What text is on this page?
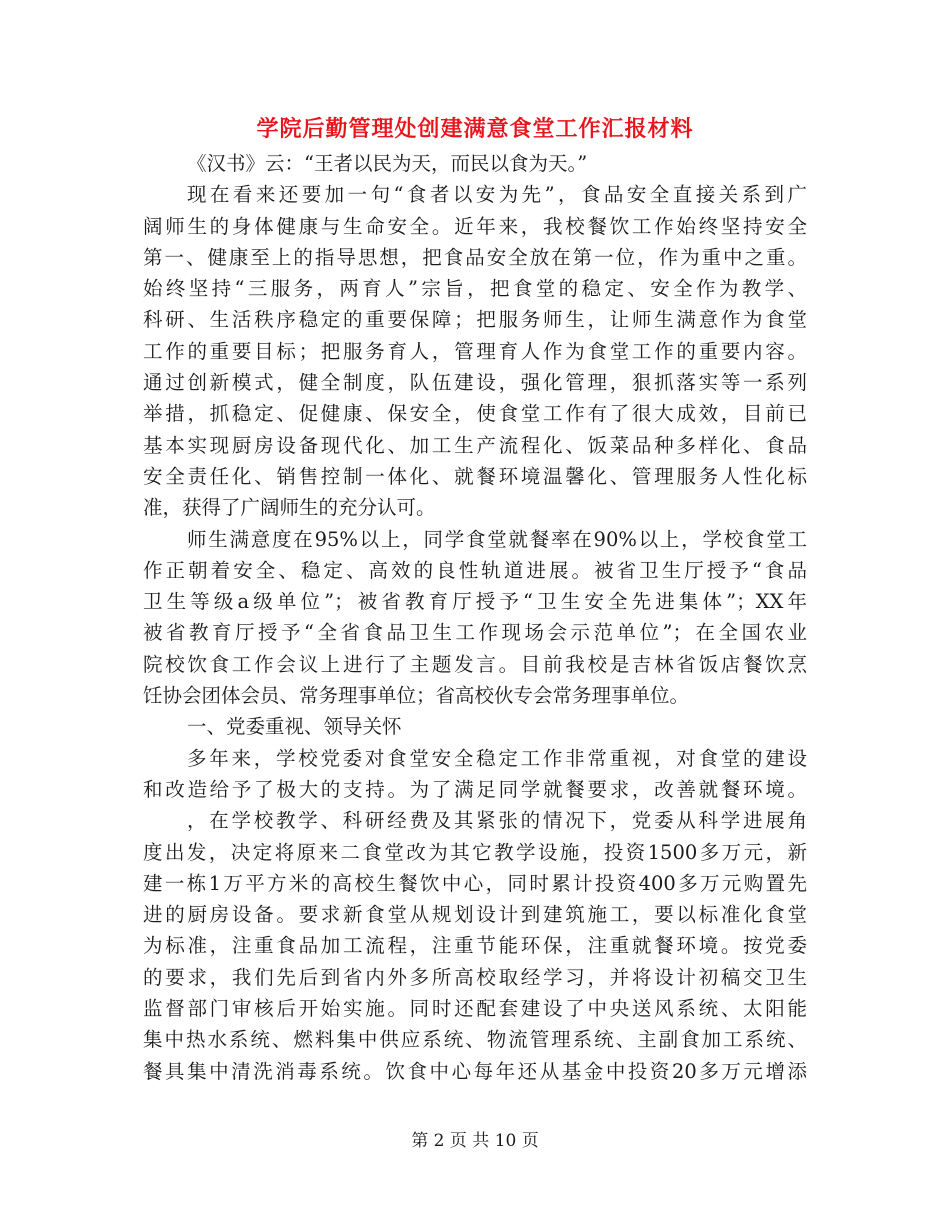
学院后勤管理处创建满意食堂工作汇报材料
《汉书》云：“王者以民为天，而民以食为天。”
现在看来还要加一句“食者以安为先”，食品安全直接关系到广
阔师生的身体健康与生命安全。近年来，我校餐饮工作始终坚持安全
第一、健康至上的指导思想，把食品安全放在第一位，作为重中之重。
始终坚持“三服务，两育人”宗旨，把食堂的稳定、安全作为教学、
科研、生活秩序稳定的重要保障；把服务师生，让师生满意作为食堂
工作的重要目标；把服务育人，管理育人作为食堂工作的重要内容。
通过创新模式，健全制度，队伍建设，强化管理，狠抓落实等一系列
举措，抓稳定、促健康、保安全，使食堂工作有了很大成效，目前已
基本实现厨房设备现代化、加工生产流程化、饭菜品种多样化、食品
安全责任化、销售控制一体化、就餐环境温馨化、管理服务人性化标
准，获得了广阔师生的充分认可。
师生满意度在95%以上，同学食堂就餐率在90%以上，学校食堂工
作正朝着安全、稳定、高效的良性轨道进展。被省卫生厅授予“食品
卫生等级a级单位”；被省教育厅授予“卫生安全先进集体”；XX年
被省教育厅授予“全省食品卫生工作现场会示范单位”；在全国农业
院校饮食工作会议上进行了主题发言。目前我校是吉林省饭店餐饮烹
饪协会团体会员、常务理事单位；省高校伙专会常务理事单位。
一、党委重视、领导关怀
多年来，学校党委对食堂安全稳定工作非常重视，对食堂的建设
和改造给予了极大的支持。为了满足同学就餐要求，改善就餐环境。
，在学校教学、科研经费及其紧张的情况下，党委从科学进展角
度出发，决定将原来二食堂改为其它教学设施，投资1500多万元，新
建一栋1万平方米的高校生餐饮中心，同时累计投资400多万元购置先
进的厨房设备。要求新食堂从规划设计到建筑施工，要以标准化食堂
为标准，注重食品加工流程，注重节能环保，注重就餐环境。按党委
的要求，我们先后到省内外多所高校取经学习，并将设计初稿交卫生
监督部门审核后开始实施。同时还配套建设了中央送风系统、太阳能
集中热水系统、燃料集中供应系统、物流管理系统、主副食加工系统、
餐具集中清洗消毒系统。饮食中心每年还从基金中投资20多万元增添
第 2 页 共 10 页
